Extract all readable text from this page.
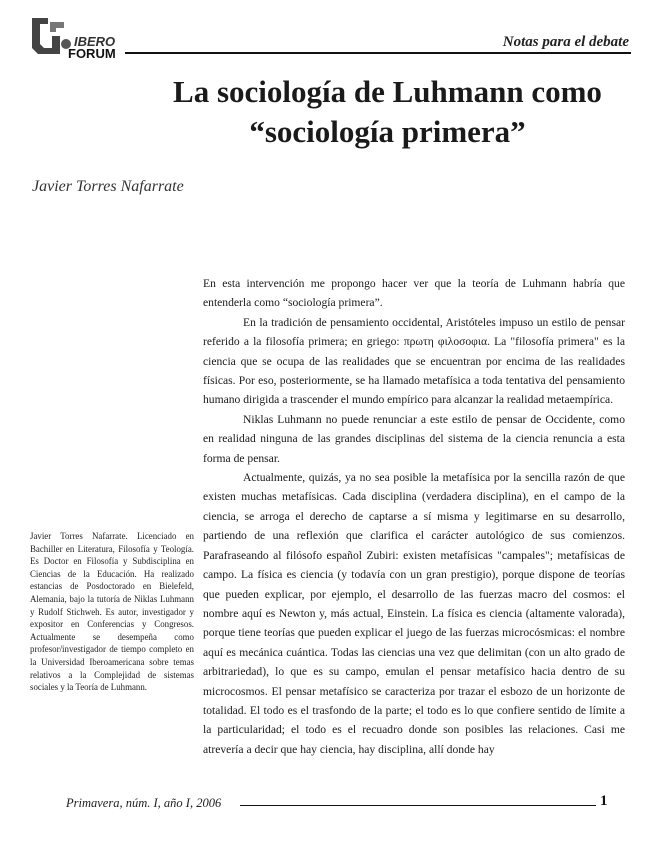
IBERO
FORUM
Notas para el debate
La sociología de Luhmann como
“sociología primera”
Javier Torres Nafarrate
Javier Torres Nafarrate. Licenciado en Bachiller en Literatura, Filosofía y Teología. Es Doctor en Filosofía y Subdisciplina en Ciencias de la Educación. Ha realizado estancias de Posdoctorado en Bielefeld, Alemania, bajo la tutoría de Niklas Luhmann y Rudolf Stichweh. Es autor, investigador y expositor en Conferencias y Congresos. Actualmente se desempeña como profesor/investigador de tiempo completo en la Universidad Iberoamericana sobre temas relativos a la Complejidad de sistemas sociales y la Teoría de Luhmann.

En esta intervención me propongo hacer ver que la teoría de Luhmann habría que entenderla como “sociología primera”.

En la tradición de pensamiento occidental, Aristóteles impuso un estilo de pensar referido a la filosofía primera; en griego: πρωτη φιλοσοφια. La "filosofía primera" es la ciencia que se ocupa de las realidades que se encuentran por encima de las realidades físicas. Por eso, posteriormente, se ha llamado metafísica a toda tentativa del pensamiento humano dirigida a trascender el mundo empírico para alcanzar la realidad metaempírica.

Niklas Luhmann no puede renunciar a este estilo de pensar de Occidente, como en realidad ninguna de las grandes disciplinas del sistema de la ciencia renuncia a esta forma de pensar.

Actualmente, quizás, ya no sea posible la metafísica por la sencilla razón de que existen muchas metafísicas. Cada disciplina (verdadera disciplina), en el campo de la ciencia, se arroga el derecho de captarse a sí misma y legitimarse en su desarrollo, partiendo de una reflexión que clarifica el carácter autológico de sus comienzos. Parafraseando al filósofo español Zubiri: existen metafísicas "campales"; metafísicas de campo. La física es ciencia (y todavía con un gran prestigio), porque dispone de teorías que pueden explicar, por ejemplo, el desarrollo de las fuerzas macro del cosmos: el nombre aquí es Newton y, más actual, Einstein. La física es ciencia (altamente valorada), porque tiene teorías que pueden explicar el juego de las fuerzas microcósmicas: el nombre aquí es mecánica cuántica. Todas las ciencias una vez que delimitan (con un alto grado de arbitrariedad), lo que es su campo, emulan el pensar metafísico hacia dentro de su microcosmos. El pensar metafísico se caracteriza por trazar el esbozo de un horizonte de totalidad. El todo es el trasfondo de la parte; el todo es lo que confiere sentido de límite a la particularidad; el todo es el recuadro donde son posibles las relaciones. Casi me atrevería a decir que hay ciencia, hay disciplina, allí donde hay

Primavera, núm. I, año I, 2006	1
